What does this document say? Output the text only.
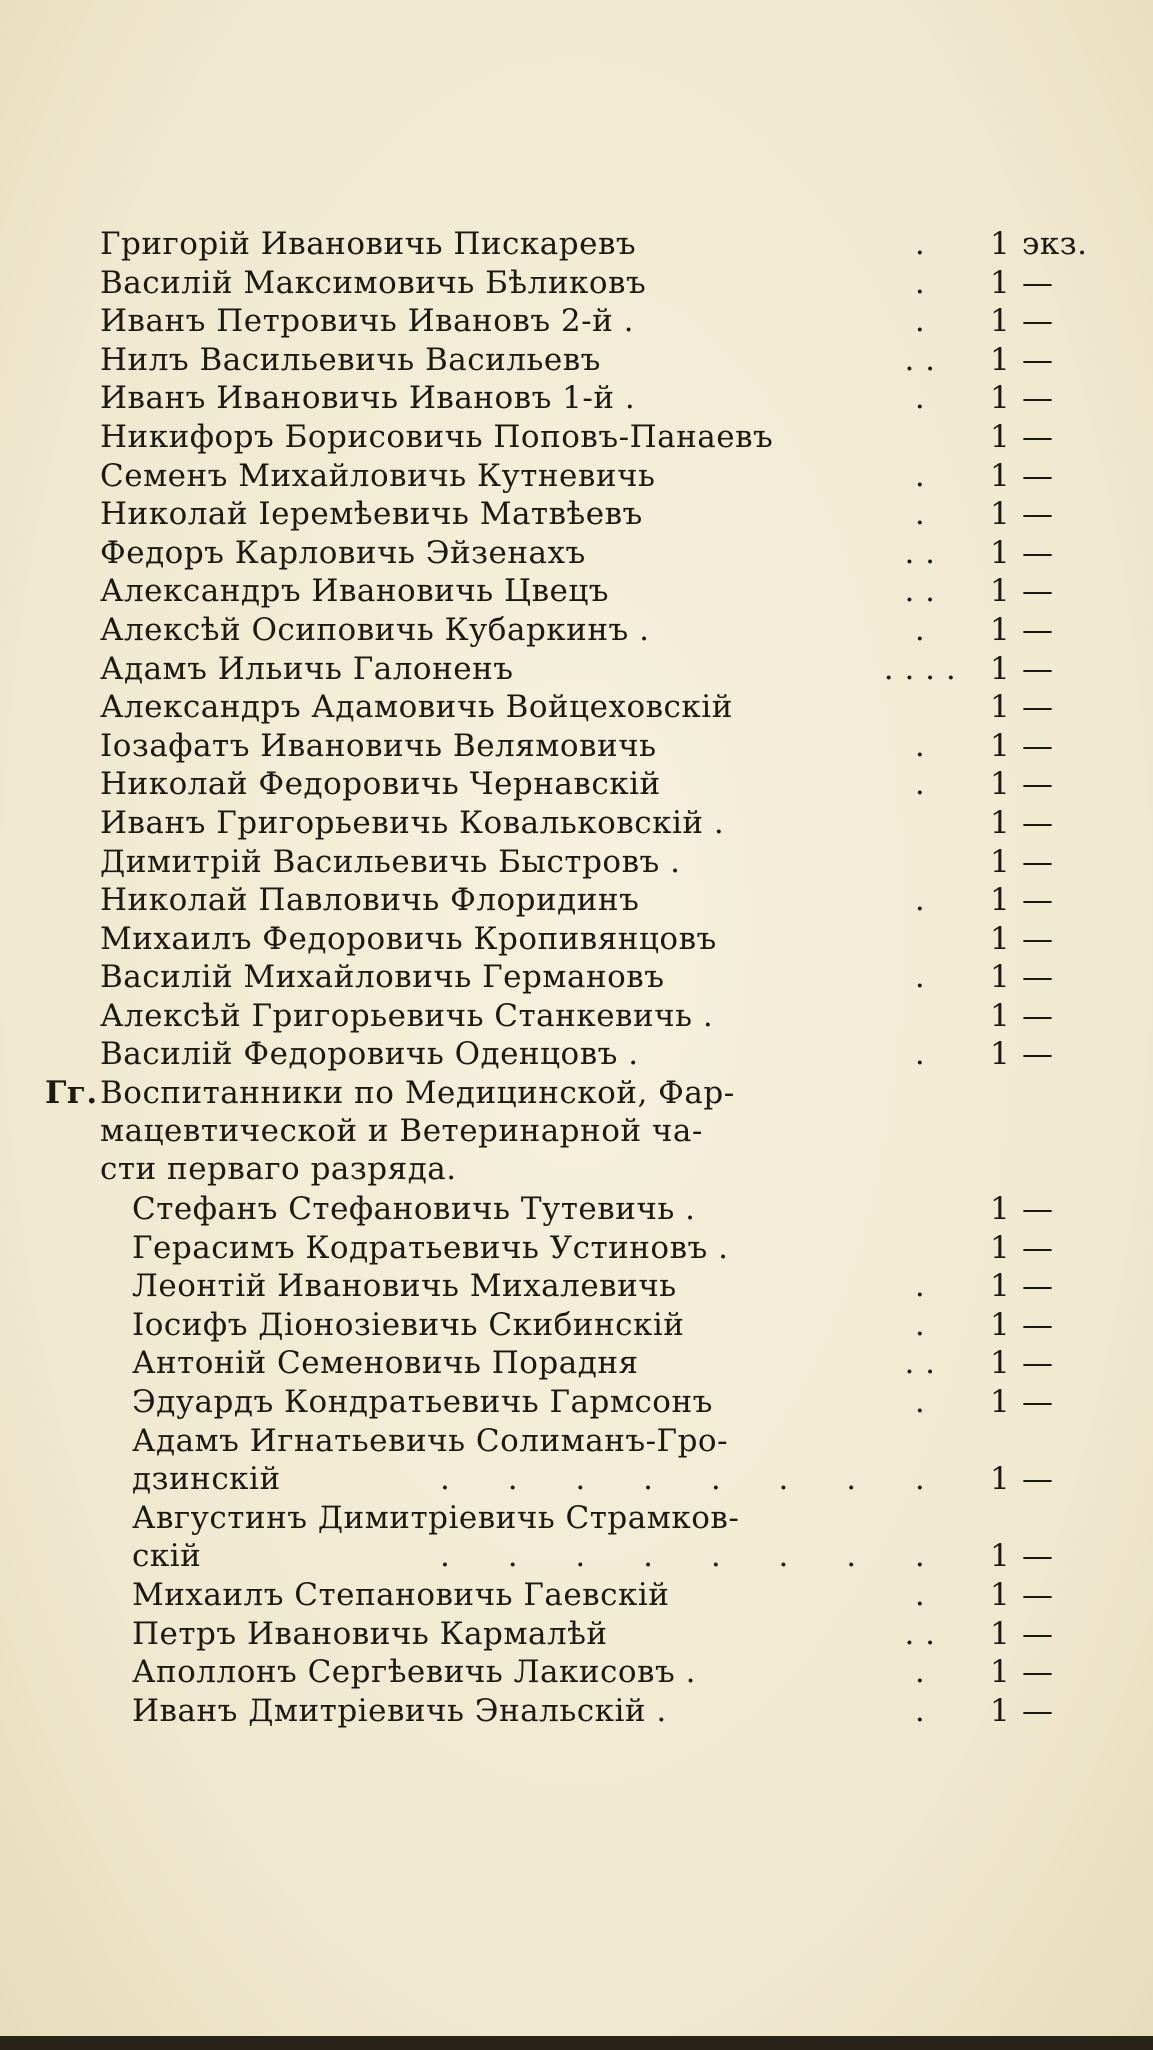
Григорій Ивановичь Пискаревъ	.	1 экз.
Василій Максимовичь Бѣликовъ	.	1 —
Иванъ Петровичь Ивановъ 2-й .	.	1 —
Нилъ Васильевичь Васильевъ	. .	1 —
Иванъ Ивановичь Ивановъ 1-й .	.	1 —
Никифоръ Борисовичь Поповъ-Панаевъ	1 —
Семенъ Михайловичь Кутневичь	.	1 —
Николай Іеремѣевичь Матвѣевъ	.	1 —
Федоръ Карловичь Эйзенахъ	. .	1 —
Александръ Ивановичь Цвецъ	. .	1 —
Алексѣй Осиповичь Кубаркинъ .	.	1 —
Адамъ Ильичь Галоненъ	. . . .	1 —
Александръ Адамовичь Войцеховскій	1 —
Іозафатъ Ивановичь Велямовичь	.	1 —
Николай Федоровичь Чернавскій	.	1 —
Иванъ Григорьевичь Ковальковскій .	1 —
Димитрій Васильевичь Быстровъ .	1 —
Николай Павловичь Флоридинъ	.	1 —
Михаилъ Федоровичь Кропивянцовъ	1 —
Василій Михайловичь Германовъ	.	1 —
Алексѣй Григорьевичь Станкевичь .	1 —
Василій Федоровичь Оденцовъ .	.	1 —
Гг. Воспитанники по Медицинской, Фар-
мацевтической и Ветеринарной ча-
сти перваго разряда.
Стефанъ Стефановичь Тутевичь .	1 —
Герасимъ Кодратьевичь Устиновъ .	1 —
Леонтій Ивановичь Михалевичь	.	1 —
Іосифъ Діонозіевичь Скибинскій	.	1 —
Антоній Семеновичь Порадня	. .	1 —
Эдуардъ Кондратьевичь Гармсонъ	.	1 —
Адамъ Игнатьевичь Солиманъ-Гро-
дзинскій	. . . . . . .	.	1 —
Августинъ Димитріевичь Страмков-
скій	. . . . . . .	.	1 —
Михаилъ Степановичь Гаевскій	.	1 —
Петръ Ивановичь Кармалѣй	. .	1 —
Аполлонъ Сергѣевичь Лакисовъ .	.	1 —
Иванъ Дмитріевичь Энальскій .	.	1 —
